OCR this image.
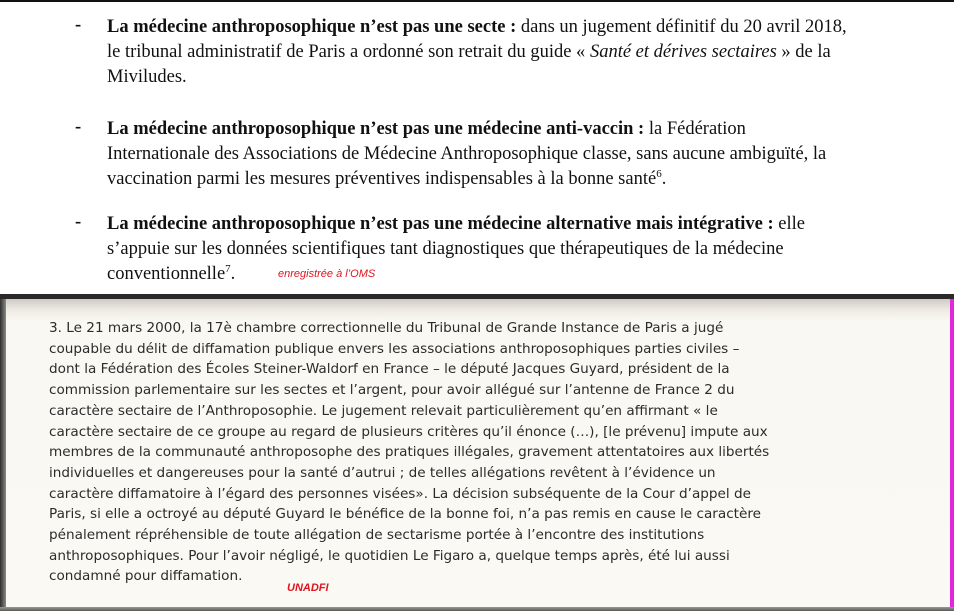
- La médecine anthroposophique n’est pas une secte : dans un jugement définitif du 20 avril 2018,
le tribunal administratif de Paris a ordonné son retrait du guide « Santé et dérives sectaires » de la
Miviludes.
- La médecine anthroposophique n’est pas une médecine anti-vaccin : la Fédération
Internationale des Associations de Médecine Anthroposophique classe, sans aucune ambiguïté, la
vaccination parmi les mesures préventives indispensables à la bonne santé$^6$.
- La médecine anthroposophique n’est pas une médecine alternative mais intégrative : elle
s’appuie sur les données scientifiques tant diagnostiques que thérapeutiques de la médecine
conventionnelle$^7$.	enregistrée à l’OMS
3. Le 21 mars 2000, la 17è chambre correctionnelle du Tribunal de Grande Instance de Paris a jugé
coupable du délit de diffamation publique envers les associations anthroposophiques parties civiles –
dont la Fédération des Écoles Steiner-Waldorf en France – le député Jacques Guyard, président de la
commission parlementaire sur les sectes et l’argent, pour avoir allégué sur l’antenne de France 2 du
caractère sectaire de l’Anthroposophie. Le jugement relevait particulièrement qu’en affirmant « le
caractère sectaire de ce groupe au regard de plusieurs critères qu’il énonce (…), [le prévenu] impute aux
membres de la communauté anthroposophe des pratiques illégales, gravement attentatoires aux libertés
individuelles et dangereuses pour la santé d’autrui ; de telles allégations revêtent à l’évidence un
caractère diffamatoire à l’égard des personnes visées». La décision subséquente de la Cour d’appel de
Paris, si elle a octroyé au député Guyard le bénéfice de la bonne foi, n’a pas remis en cause le caractère
pénalement répréhensible de toute allégation de sectarisme portée à l’encontre des institutions
anthroposophiques. Pour l’avoir négligé, le quotidien Le Figaro a, quelque temps après, été lui aussi
condamné pour diffamation.
UNADFI
